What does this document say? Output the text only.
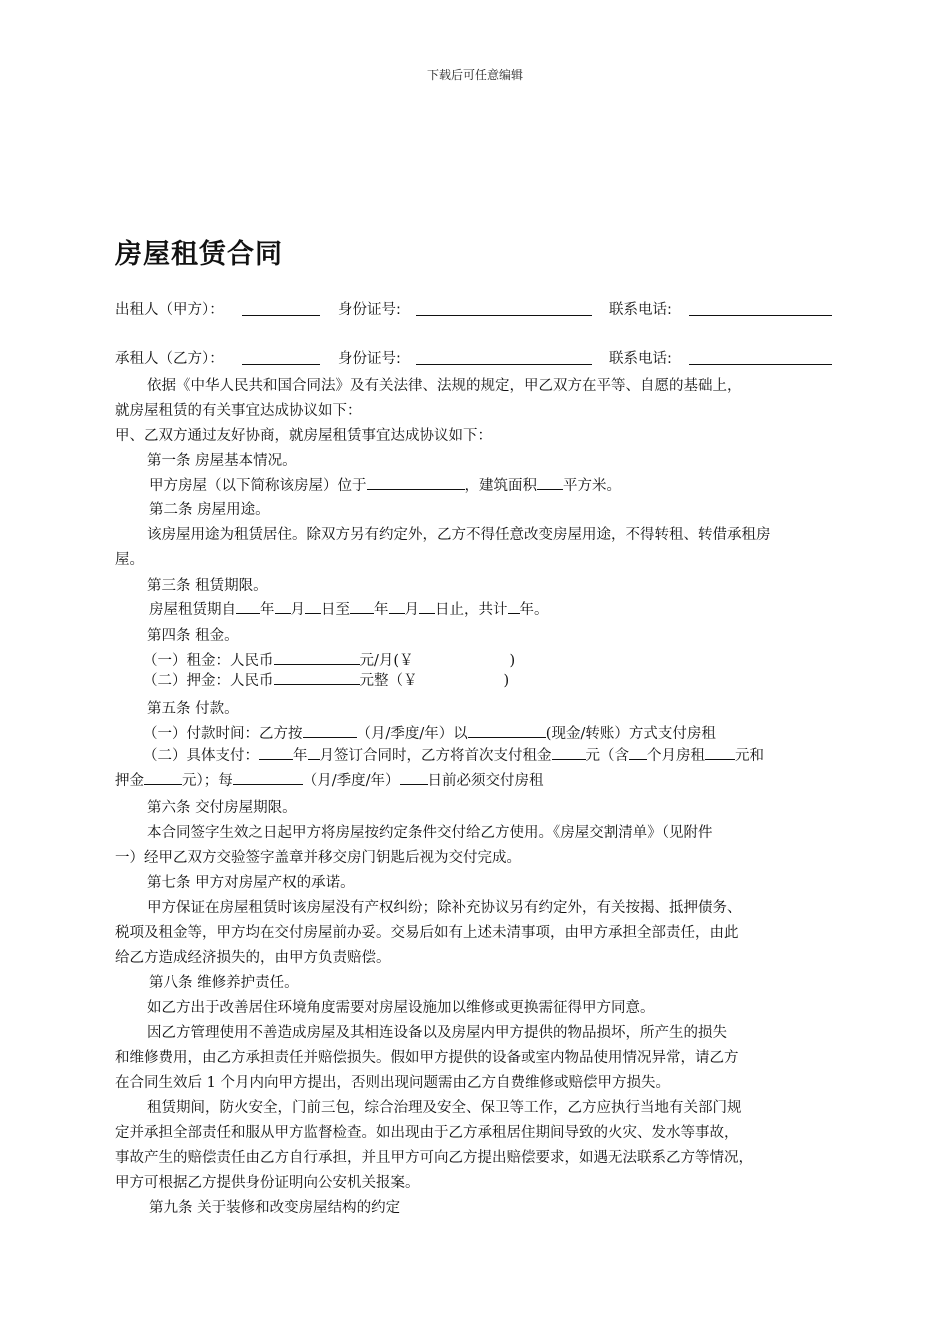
下载后可任意编辑
房屋租赁合同
出租人（甲方）：	身份证号:	联系电话:
承租人（乙方）：	身份证号:	联系电话:
依据《中华人民共和国合同法》及有关法律、法规的规定，甲乙双方在平等、自愿的基础上，
就房屋租赁的有关事宜达成协议如下：
甲、乙双方通过友好协商，就房屋租赁事宜达成协议如下：
第一条 房屋基本情况。
甲方房屋（以下简称该房屋）位于	，建筑面积 平方米。
第二条 房屋用途。
该房屋用途为租赁居住。除双方另有约定外，乙方不得任意改变房屋用途，不得转租、转借承租房
屋。
第三条 租赁期限。
房屋租赁期自 年 月 日至 年 月 日止，共计 年。
第四条 租金。
（一）租金：人民币	元/月(￥	)
（二）押金：人民币	元整（￥	)
第五条 付款。
（一）付款时间：乙方按	（月/季度/年）以	(现金/转账）方式支付房租
（二）具体支付： 年 月签订合同时，乙方将首次支付租金 元（含 个月房租 元和
押金	元）；每	（月/季度/年） 日前必须交付房租
第六条 交付房屋期限。
本合同签字生效之日起甲方将房屋按约定条件交付给乙方使用。《房屋交割清单》（见附件
一）经甲乙双方交验签字盖章并移交房门钥匙后视为交付完成。
第七条 甲方对房屋产权的承诺。
甲方保证在房屋租赁时该房屋没有产权纠纷；除补充协议另有约定外，有关按揭、抵押债务、
税项及租金等，甲方均在交付房屋前办妥。交易后如有上述未清事项，由甲方承担全部责任，由此
给乙方造成经济损失的，由甲方负责赔偿。
第八条 维修养护责任。
如乙方出于改善居住环境角度需要对房屋设施加以维修或更换需征得甲方同意。
因乙方管理使用不善造成房屋及其相连设备以及房屋内甲方提供的物品损坏，所产生的损失
和维修费用，由乙方承担责任并赔偿损失。假如甲方提供的设备或室内物品使用情况异常，请乙方
在合同生效后 1 个月内向甲方提出，否则出现问题需由乙方自费维修或赔偿甲方损失。
租赁期间，防火安全，门前三包，综合治理及安全、保卫等工作，乙方应执行当地有关部门规
定并承担全部责任和服从甲方监督检查。如出现由于乙方承租居住期间导致的火灾、发水等事故，
事故产生的赔偿责任由乙方自行承担，并且甲方可向乙方提出赔偿要求，如遇无法联系乙方等情况，
甲方可根据乙方提供身份证明向公安机关报案。
第九条 关于装修和改变房屋结构的约定
